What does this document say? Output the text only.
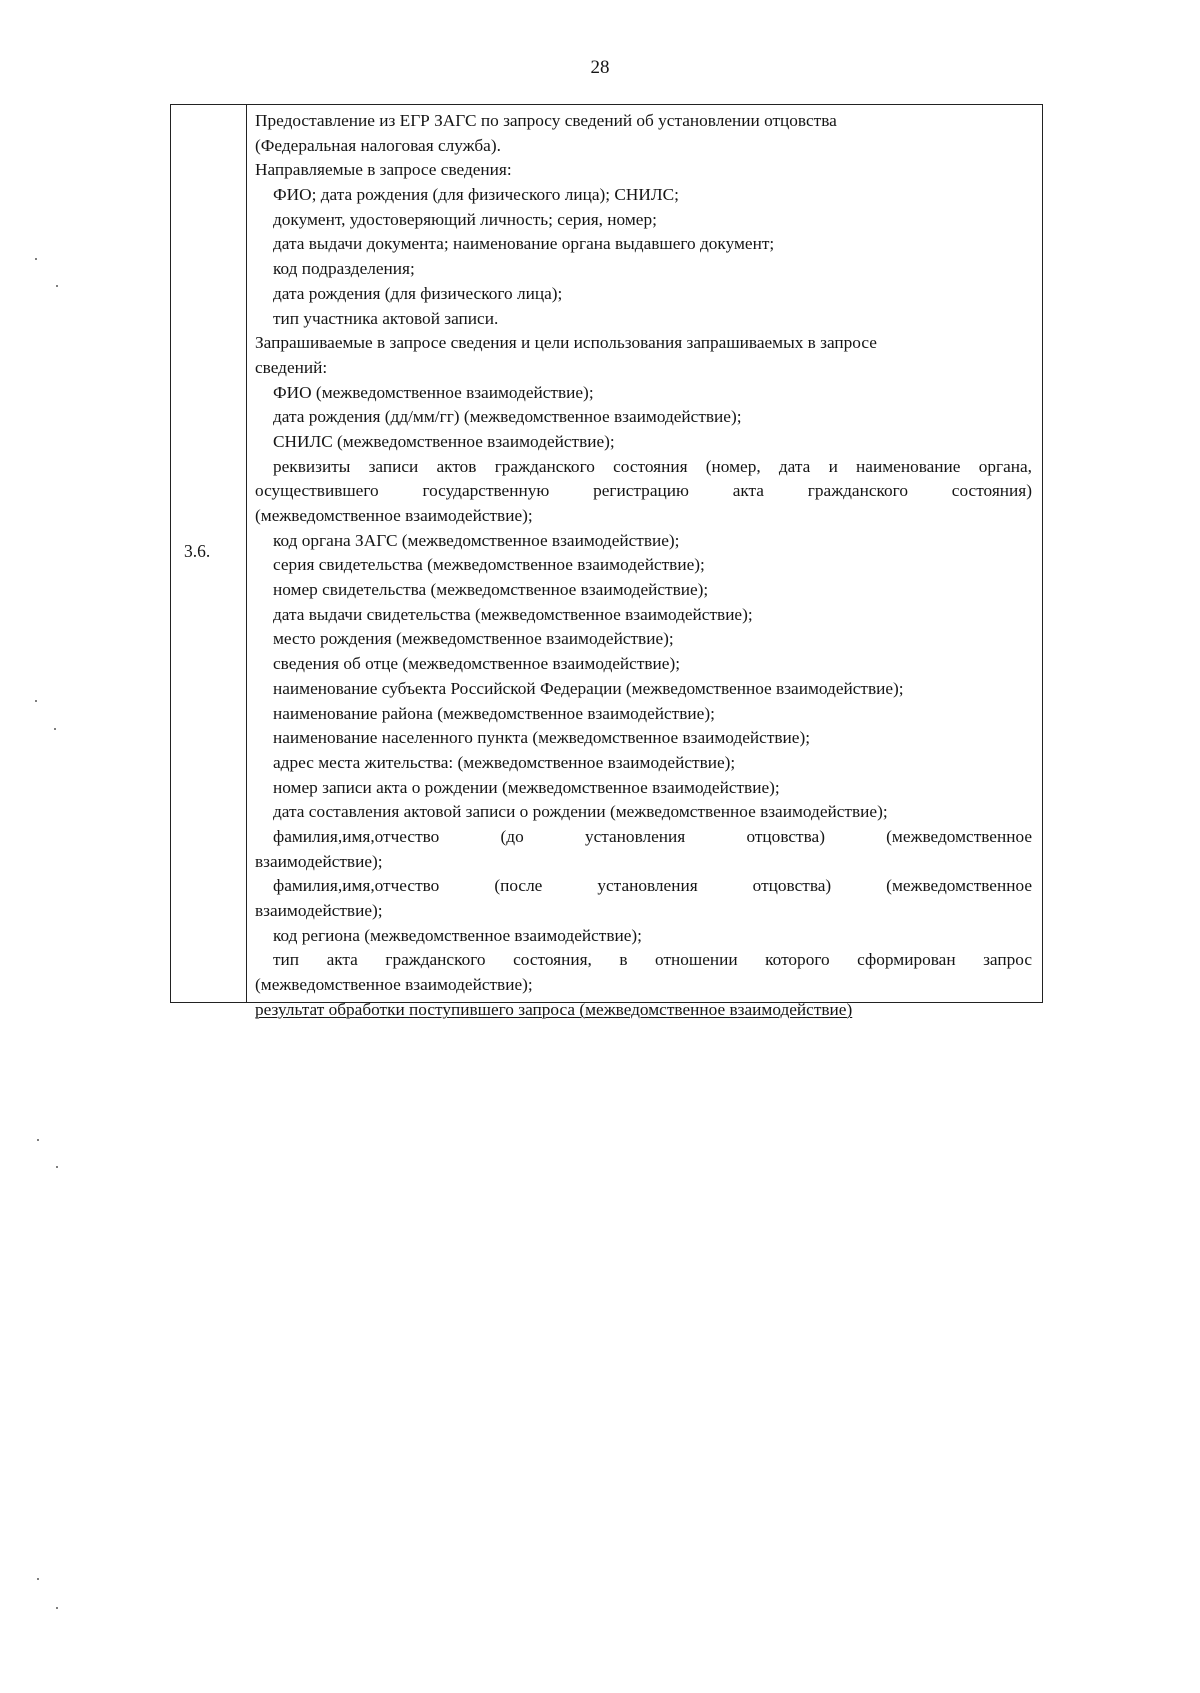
28
3.6.
Предоставление из ЕГР ЗАГС по запросу сведений об установлении отцовства
(Федеральная налоговая служба).
Направляемые в запросе сведения:
ФИО; дата рождения (для физического лица); СНИЛС;
документ, удостоверяющий личность; серия, номер;
дата выдачи документа; наименование органа выдавшего документ;
код подразделения;
дата рождения (для физического лица);
тип участника актовой записи.
Запрашиваемые в запросе сведения и цели использования запрашиваемых в запросе
сведений:
ФИО (межведомственное взаимодействие);
дата рождения (дд/мм/гг) (межведомственное взаимодействие);
СНИЛС (межведомственное взаимодействие);
реквизиты записи актов гражданского состояния (номер, дата и наименование органа,
осуществившего государственную регистрацию акта гражданского состояния)
(межведомственное взаимодействие);
код органа ЗАГС (межведомственное взаимодействие);
серия свидетельства (межведомственное взаимодействие);
номер свидетельства (межведомственное взаимодействие);
дата выдачи свидетельства (межведомственное взаимодействие);
место рождения (межведомственное взаимодействие);
сведения об отце (межведомственное взаимодействие);
наименование субъекта Российской Федерации (межведомственное взаимодействие);
наименование района (межведомственное взаимодействие);
наименование населенного пункта (межведомственное взаимодействие);
адрес места жительства: (межведомственное взаимодействие);
номер записи акта о рождении (межведомственное взаимодействие);
дата составления актовой записи о рождении (межведомственное взаимодействие);
фамилия,имя,отчество (до установления отцовства) (межведомственное
взаимодействие);
фамилия,имя,отчество (после установления отцовства) (межведомственное
взаимодействие);
код региона (межведомственное взаимодействие);
тип акта гражданского состояния, в отношении которого сформирован запрос
(межведомственное взаимодействие);
результат обработки поступившего запроса (межведомственное взаимодействие)
